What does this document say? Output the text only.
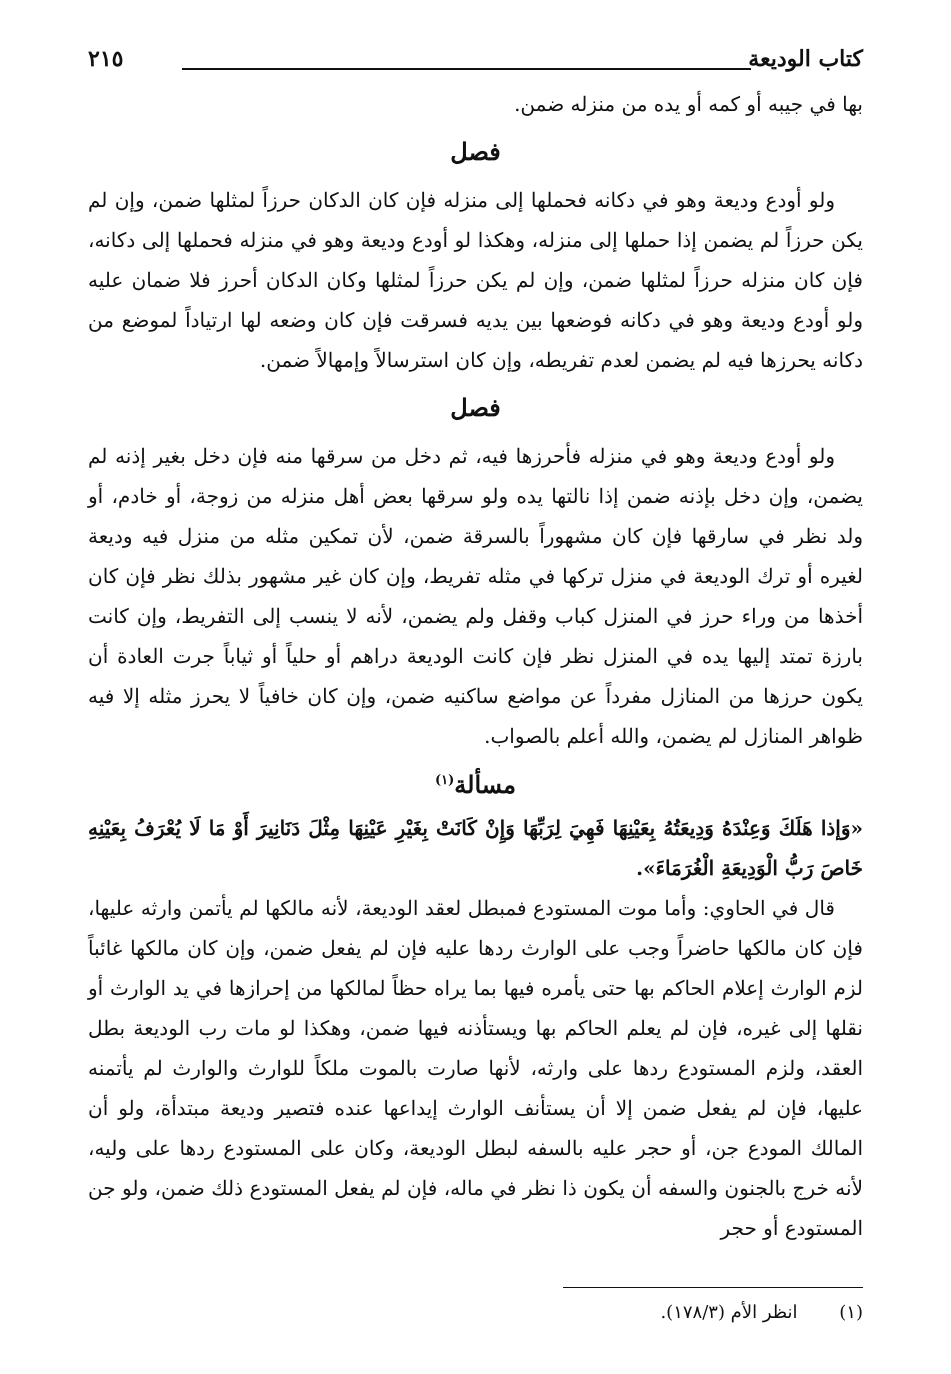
كتاب الوديعة
٢١٥

بها في جيبه أو كمه أو يده من منزله ضمن.

فصل

ولو أودع وديعة وهو في دكانه فحملها إلى منزله فإن كان الدكان حرزاً لمثلها ضمن، وإن لم يكن حرزاً لم يضمن إذا حملها إلى منزله، وهكذا لو أودع وديعة وهو في منزله فحملها إلى دكانه، فإن كان منزله حرزاً لمثلها ضمن، وإن لم يكن حرزاً لمثلها وكان الدكان أحرز فلا ضمان عليه ولو أودع وديعة وهو في دكانه فوضعها بين يديه فسرقت فإن كان وضعه لها ارتياداً لموضع من دكانه يحرزها فيه لم يضمن لعدم تفريطه، وإن كان استرسالاً وإمهالاً ضمن.

فصل

ولو أودع وديعة وهو في منزله فأحرزها فيه، ثم دخل من سرقها منه فإن دخل بغير إذنه لم يضمن، وإن دخل بإذنه ضمن إذا نالتها يده ولو سرقها بعض أهل منزله من زوجة، أو خادم، أو ولد نظر في سارقها فإن كان مشهوراً بالسرقة ضمن، لأن تمكين مثله من منزل فيه وديعة لغيره أو ترك الوديعة في منزل تركها في مثله تفريط، وإن كان غير مشهور بذلك نظر فإن كان أخذها من وراء حرز في المنزل كباب وقفل ولم يضمن، لأنه لا ينسب إلى التفريط، وإن كانت بارزة تمتد إليها يده في المنزل نظر فإن كانت الوديعة دراهم أو حلياً أو ثياباً جرت العادة أن يكون حرزها من المنازل مفرداً عن مواضع ساكنيه ضمن، وإن كان خافياً لا يحرز مثله إلا فيه ظواهر المنازل لم يضمن، والله أعلم بالصواب.

مسألة$^{(١)}$

«وَإذا هَلَكَ وَعِنْدَهُ وَدِيعَتُهُ بِعَيْنِهَا فَهِيَ لِرَبِّهَا وَإِنْ كَانَتْ بِغَيْرِ عَيْنِهَا مِثْلَ دَنَانِيرَ أَوْ مَا لَا يُعْرَفُ بِعَيْنِهِ خَاصَ رَبُّ الْوَدِيعَةِ الْغُرَمَاءَ».

قال في الحاوي: وأما موت المستودع فمبطل لعقد الوديعة، لأنه مالكها لم يأتمن وارثه عليها، فإن كان مالكها حاضراً وجب على الوارث ردها عليه فإن لم يفعل ضمن، وإن كان مالكها غائباً لزم الوارث إعلام الحاكم بها حتى يأمره فيها بما يراه حظاً لمالكها من إحرازها في يد الوارث أو نقلها إلى غيره، فإن لم يعلم الحاكم بها ويستأذنه فيها ضمن، وهكذا لو مات رب الوديعة بطل العقد، ولزم المستودع ردها على وارثه، لأنها صارت بالموت ملكاً للوارث والوارث لم يأتمنه عليها، فإن لم يفعل ضمن إلا أن يستأنف الوارث إيداعها عنده فتصير وديعة مبتدأة، ولو أن المالك المودع جن، أو حجر عليه بالسفه لبطل الوديعة، وكان على المستودع ردها على وليه، لأنه خرج بالجنون والسفه أن يكون ذا نظر في ماله، فإن لم يفعل المستودع ذلك ضمن، ولو جن المستودع أو حجر

(١) انظر الأم (١٧٨/٣).
